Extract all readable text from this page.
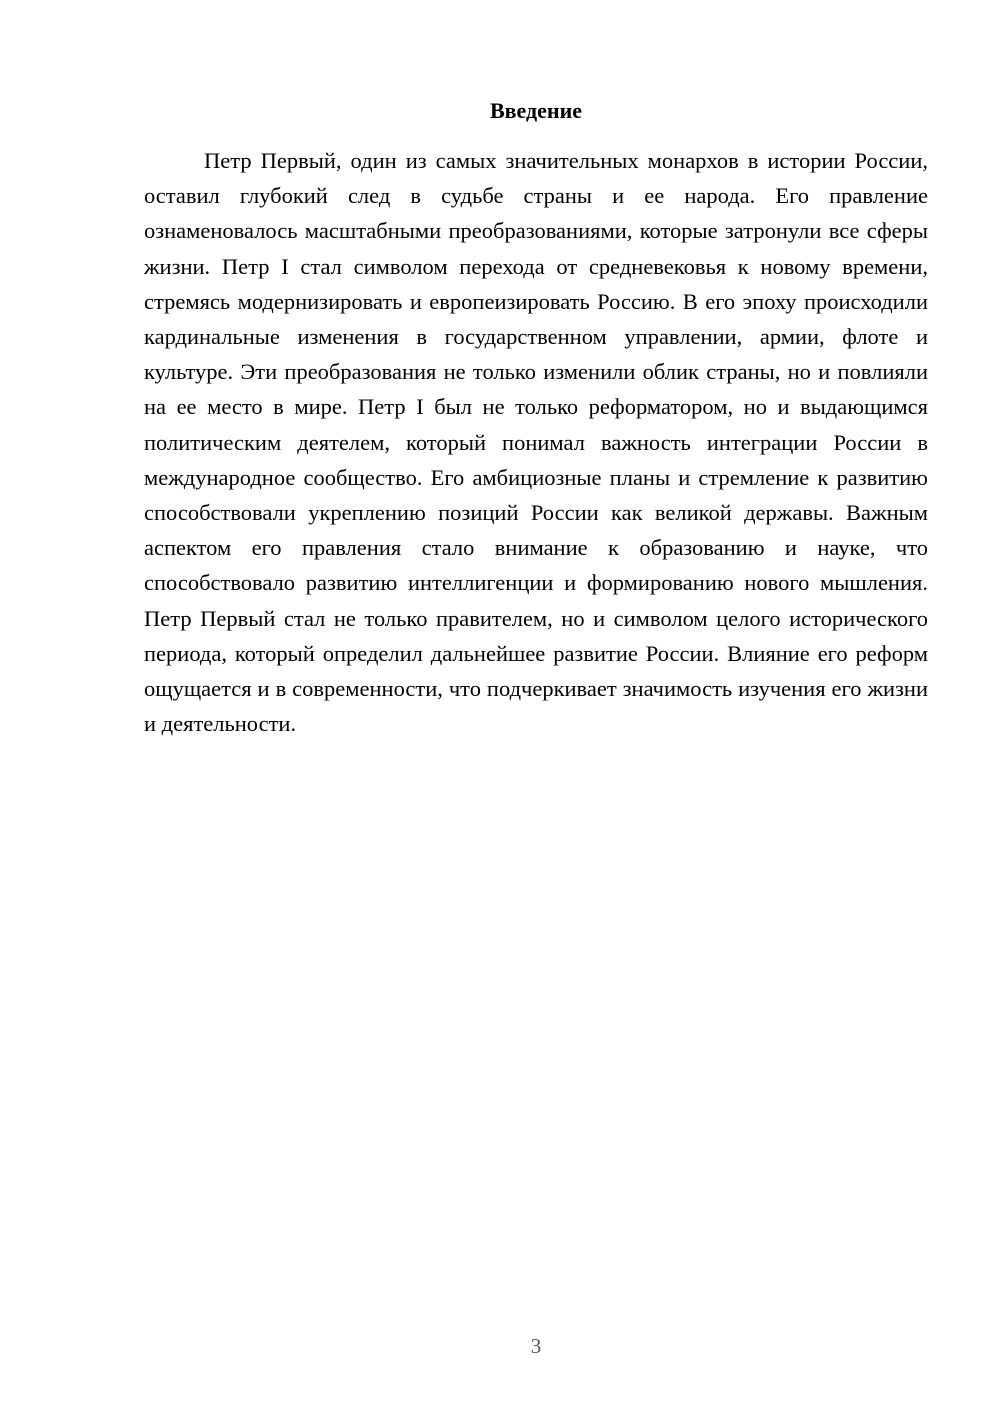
Введение

Петр Первый, один из самых значительных монархов в истории России, оставил глубокий след в судьбе страны и ее народа. Его правление ознаменовалось масштабными преобразованиями, которые затронули все сферы жизни. Петр I стал символом перехода от средневековья к новому времени, стремясь модернизировать и европеизировать Россию. В его эпоху происходили кардинальные изменения в государственном управлении, армии, флоте и культуре. Эти преобразования не только изменили облик страны, но и повлияли на ее место в мире. Петр I был не только реформатором, но и выдающимся политическим деятелем, который понимал важность интеграции России в международное сообщество. Его амбициозные планы и стремление к развитию способствовали укреплению позиций России как великой державы. Важным аспектом его правления стало внимание к образованию и науке, что способствовало развитию интеллигенции и формированию нового мышления. Петр Первый стал не только правителем, но и символом целого исторического периода, который определил дальнейшее развитие России. Влияние его реформ ощущается и в современности, что подчеркивает значимость изучения его жизни и деятельности.

3
